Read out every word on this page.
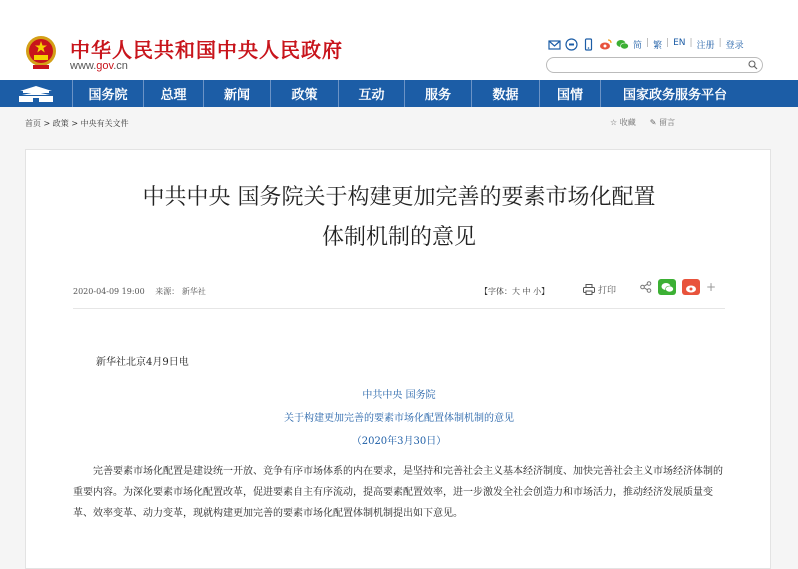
中华人民共和国中央人民政府
www.gov.cn
简 | 繁 | EN | 注册 | 登录
国务院	总理	新闻	政策	互动	服务	数据	国情	国家政务服务平台
首页 > 政策 > 中央有关文件	☆ 收藏 ✎ 留言
中共中央 国务院关于构建更加完善的要素市场化配置
体制机制的意见
2020-04-09 19:00 来源： 新华社	【字体：大 中 小】	打印	+
新华社北京4月9日电
中共中央 国务院
关于构建更加完善的要素市场化配置体制机制的意见
（2020年3月30日）
完善要素市场化配置是建设统一开放、竞争有序市场体系的内在要求，是坚持和完善社会主义基本经济制度、加快完善社会主义市场经济体制的重要内容。为深化要素市场化配置改革，促进要素自主有序流动，提高要素配置效率，进一步激发全社会创造力和市场活力，推动经济发展质量变革、效率变革、动力变革，现就构建更加完善的要素市场化配置体制机制提出如下意见。
